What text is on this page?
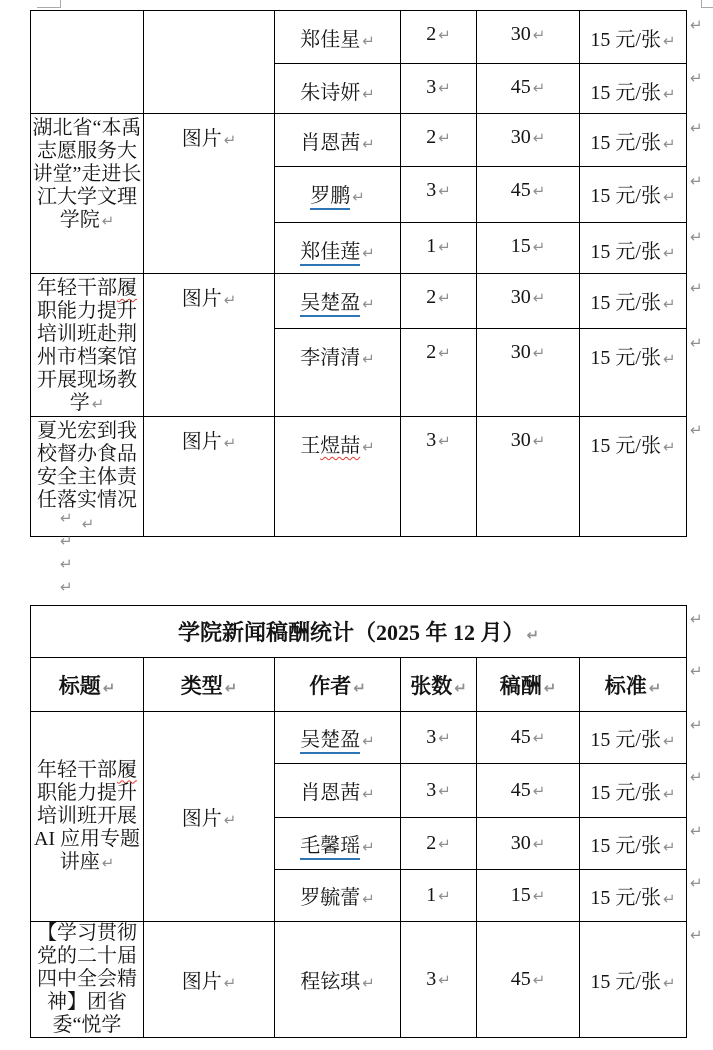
		郑佳星 ↵	2 ↵	30 ↵	15 元/张 ↵
		朱诗妍 ↵	3 ↵	45 ↵	15 元/张 ↵
湖北省“本禹志愿服务大讲堂”走进长江大学文理学院 ↵	图片 ↵	肖恩茜 ↵	2 ↵	30 ↵	15 元/张 ↵
		罗鹏 ↵	3 ↵	45 ↵	15 元/张 ↵
		郑佳莲 ↵	1 ↵	15 ↵	15 元/张 ↵
年轻干部履职能力提升培训班赴荆州市档案馆开展现场教学 ↵	图片 ↵	吴楚盈 ↵	2 ↵	30 ↵	15 元/张 ↵
		李清清 ↵	2 ↵	30 ↵	15 元/张 ↵
夏光宏到我校督办食品安全主体责任落实情况↵	图片 ↵	王煜喆 ↵	3 ↵	30 ↵	15 元/张 ↵
↵
↵
↵
↵
学院新闻稿酬统计（2025 年 12 月） ↵					
标题 ↵	类型 ↵	作者 ↵	张数 ↵	稿酬 ↵	标准 ↵
年轻干部履职能力提升培训班开展 AI 应用专题讲座 ↵	图片 ↵	吴楚盈 ↵	3 ↵	45 ↵	15 元/张 ↵
		肖恩茜 ↵	3 ↵	45 ↵	15 元/张 ↵
		毛馨瑶 ↵	2 ↵	30 ↵	15 元/张 ↵
		罗毓蕾 ↵	1 ↵	15 ↵	15 元/张 ↵
【学习贯彻党的二十届四中全会精神】团省委“悦学	图片 ↵	程铉琪 ↵	3 ↵	45 ↵	15 元/张 ↵
↵
↵
↵
↵
↵
↵
↵
↵
↵
↵
↵
↵
↵
↵
↵
